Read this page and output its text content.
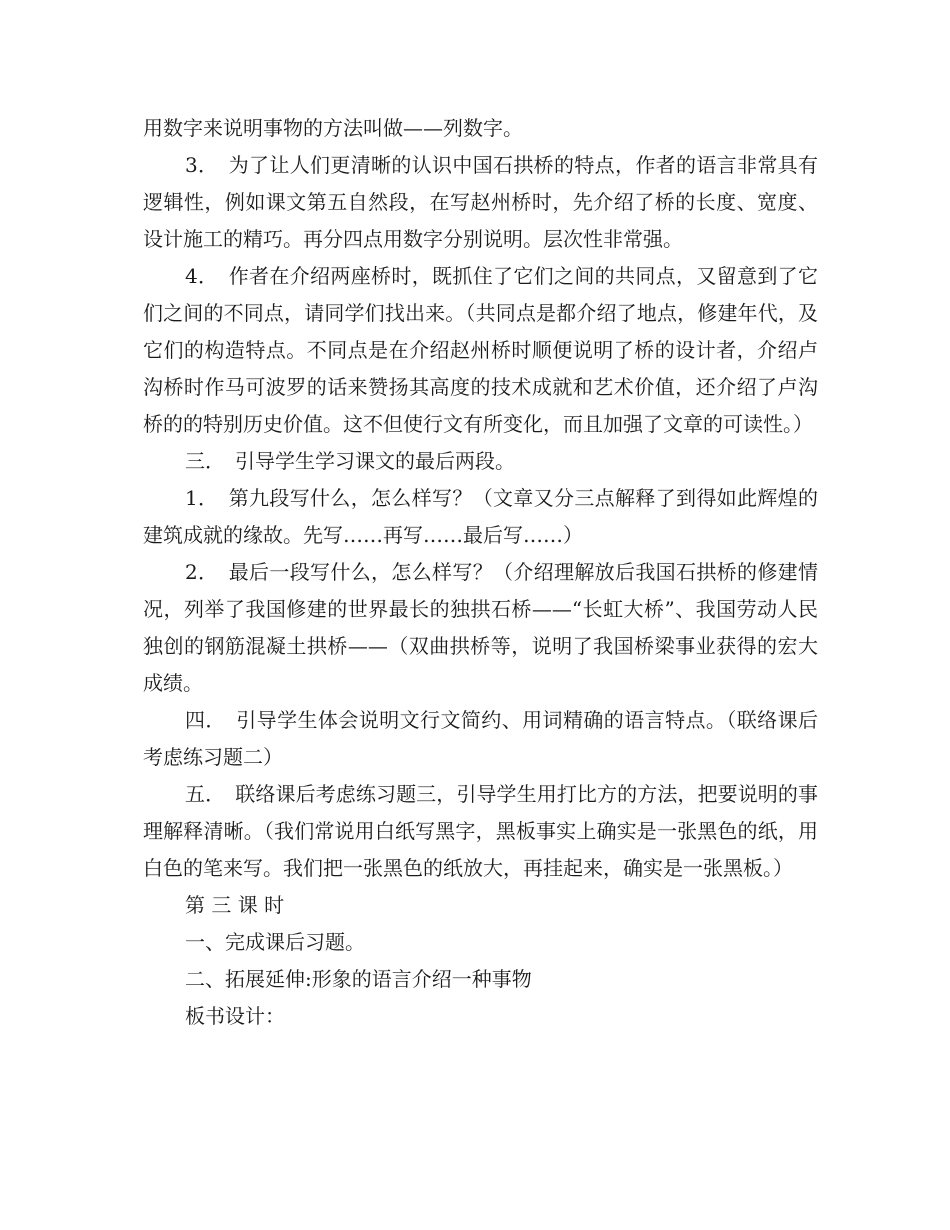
用数字来说明事物的方法叫做——列数字。

3．　为了让人们更清晰的认识中国石拱桥的特点，作者的语言非常具有逻辑性，例如课文第五自然段，在写赵州桥时，先介绍了桥的长度、宽度、设计施工的精巧。再分四点用数字分别说明。层次性非常强。

4．　作者在介绍两座桥时，既抓住了它们之间的共同点，又留意到了它们之间的不同点，请同学们找出来。（共同点是都介绍了地点，修建年代，及它们的构造特点。不同点是在介绍赵州桥时顺便说明了桥的设计者，介绍卢沟桥时作马可波罗的话来赞扬其高度的技术成就和艺术价值，还介绍了卢沟桥的的特别历史价值。这不但使行文有所变化，而且加强了文章的可读性。）

三．　引导学生学习课文的最后两段。

1．　第九段写什么，怎么样写？（文章又分三点解释了到得如此辉煌的建筑成就的缘故。先写……再写……最后写……）

2．　最后一段写什么，怎么样写？（介绍理解放后我国石拱桥的修建情况，列举了我国修建的世界最长的独拱石桥——“长虹大桥”、我国劳动人民独创的钢筋混凝土拱桥——（双曲拱桥等，说明了我国桥梁事业获得的宏大成绩。

四．　引导学生体会说明文行文简约、用词精确的语言特点。（联络课后考虑练习题二）

五．　联络课后考虑练习题三，引导学生用打比方的方法，把要说明的事理解释清晰。（我们常说用白纸写黑字，黑板事实上确实是一张黑色的纸，用白色的笔来写。我们把一张黑色的纸放大，再挂起来，确实是一张黑板。）

第 三 课 时

一、完成课后习题。

二、拓展延伸:形象的语言介绍一种事物

板书设计：
